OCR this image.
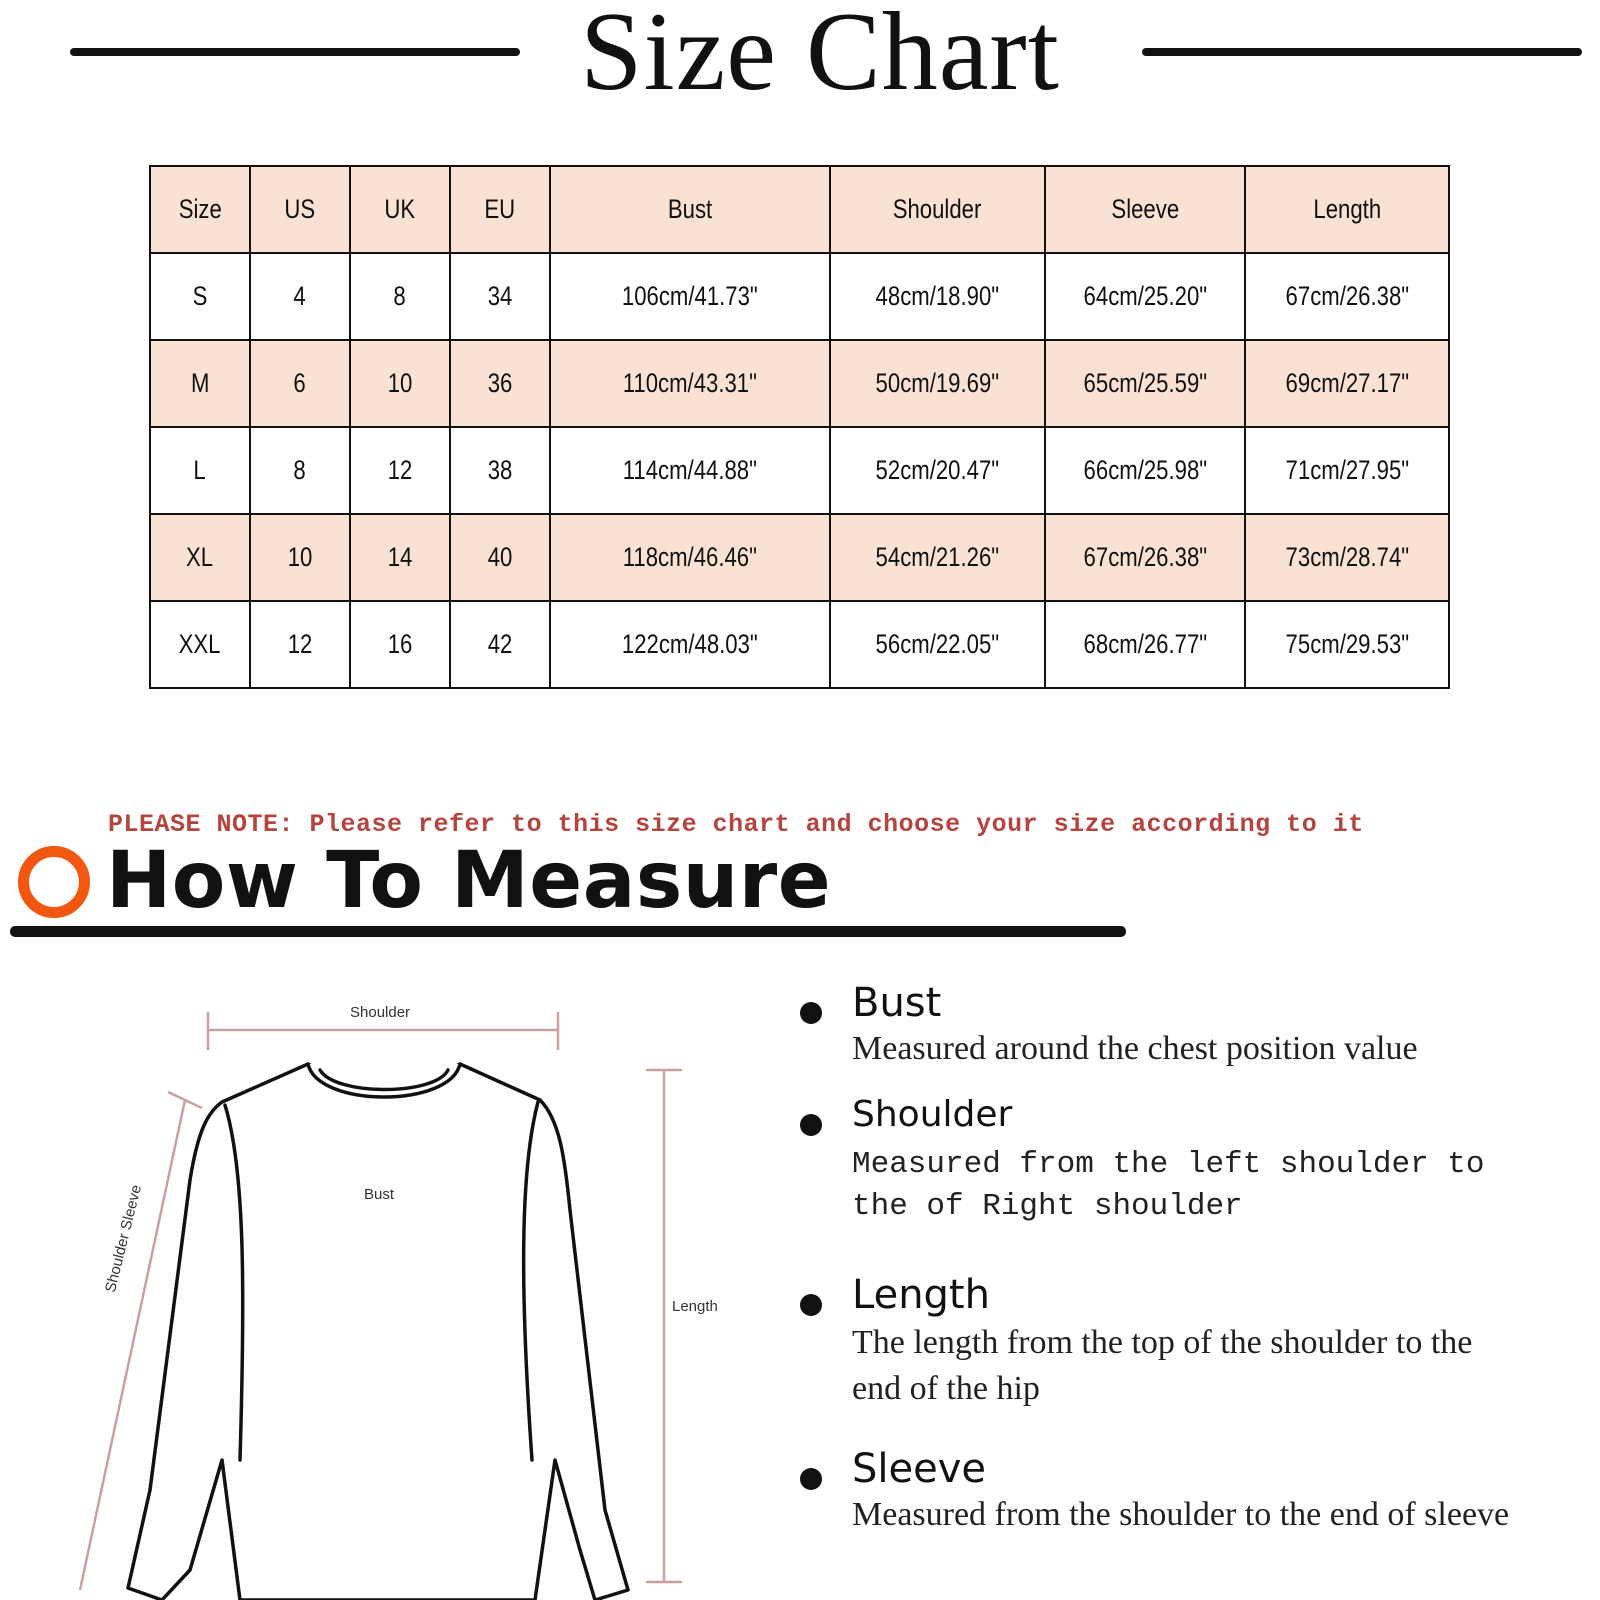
Size Chart
Size	US	UK	EU	Bust	Shoulder	Sleeve	Length
S	4	8	34	106cm/41.73"	48cm/18.90"	64cm/25.20"	67cm/26.38"
M	6	10	36	110cm/43.31"	50cm/19.69"	65cm/25.59"	69cm/27.17"
L	8	12	38	114cm/44.88"	52cm/20.47"	66cm/25.98"	71cm/27.95"
XL	10	14	40	118cm/46.46"	54cm/21.26"	67cm/26.38"	73cm/28.74"
XXL	12	16	42	122cm/48.03"	56cm/22.05"	68cm/26.77"	75cm/29.53"
PLEASE NOTE: Please refer to this size chart and choose your size according to it
How To Measure
Shoulder
Bust
Length
Shoulder Sleeve
Bust
Measured around the chest position value
Shoulder
Measured from the left shoulder to the of Right shoulder
Length
The length from the top of the shoulder to the end of the hip
Sleeve
Measured from the shoulder to the end of sleeve
